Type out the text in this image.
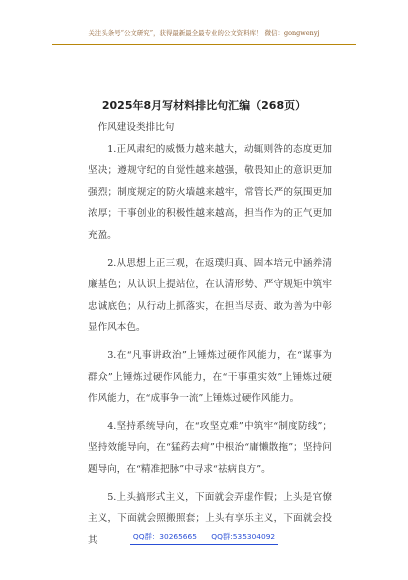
关注头条号“公文研究”，获得最新最全最专业的公文资料库！ 微信：gongwenyj
2025年8月写材料排比句汇编（268页）

作风建设类排比句

1.正风肃纪的威慑力越来越大，动辄则咎的态度更加坚决；遵规守纪的自觉性越来越强，敬畏知止的意识更加强烈；制度规定的防火墙越来越牢，常管长严的氛围更加浓厚；干事创业的积极性越来越高，担当作为的正气更加充盈。

2.从思想上正三观，在返璞归真、固本培元中涵养清廉基色；从认识上提站位，在认清形势、严守规矩中筑牢忠诚底色；从行动上抓落实，在担当尽责、敢为善为中彰显作风本色。

3.在“凡事讲政治”上锤炼过硬作风能力，在“谋事为群众”上锤炼过硬作风能力，在“干事重实效”上锤炼过硬作风能力，在“成事争一流”上锤炼过硬作风能力。

4.坚持系统导向，在“攻坚克难”中筑牢“制度防线”；坚持效能导向，在“猛药去疴”中根治“庸懒散拖”；坚持问题导向，在“精准把脉”中寻求“祛病良方”。

5.上头搞形式主义，下面就会弄虚作假；上头是官僚主义，下面就会照搬照套；上头有享乐主义，下面就会投其	QQ群：30265665 QQ群:535304092
